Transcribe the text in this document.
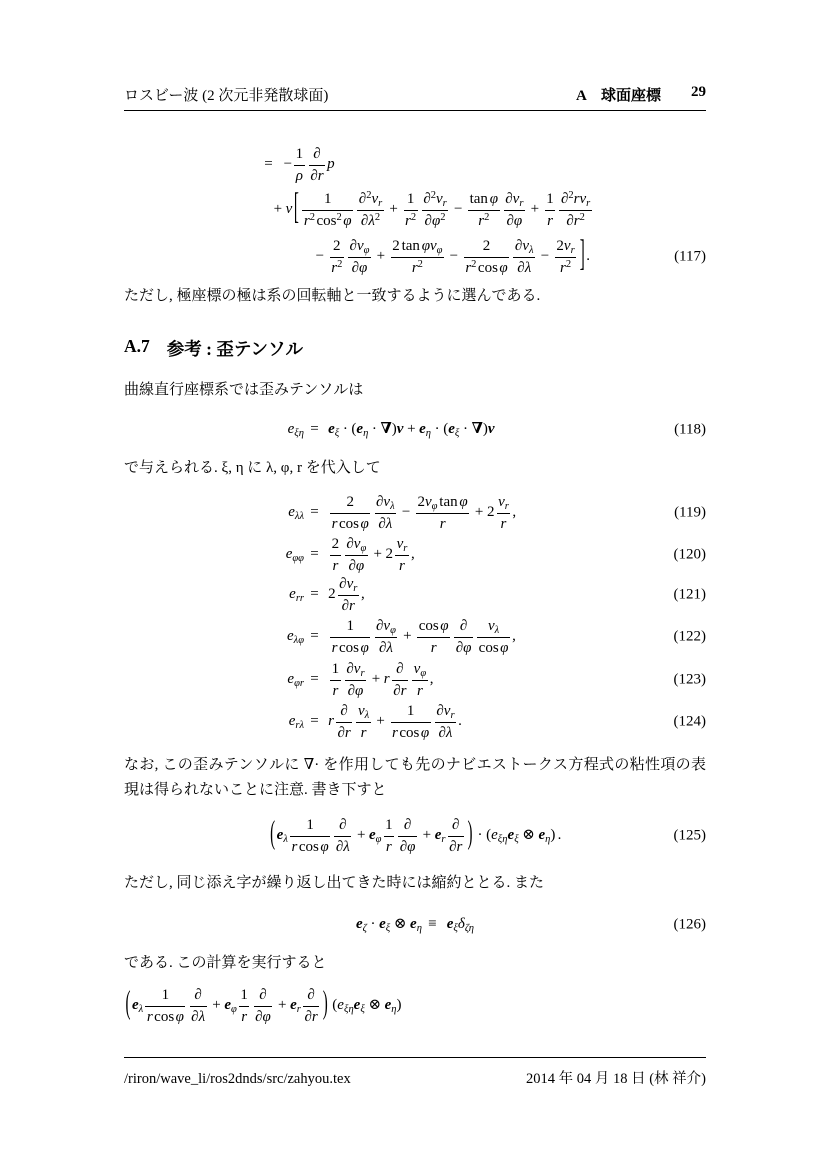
ロスビー波 (2 次元非発散球面)	A　球面座標 29
= − $\frac{1}{\rho} \frac{\partial}{\partial r}$ p
+ ν [ $\frac{1}{r^2 \cos^2 \varphi} \frac{\partial^2v_r}{\partial\lambda^2} + \frac{1}{r^2} \frac{\partial^2v_r}{\partial\varphi^2} - \frac{\text{tan φ}}{r^2} \frac{\partial v_r}{\partial\varphi} + \frac{1}{r} \frac{\partial^2rv_r}{\partial r^2}$
− $\frac{2}{r^2} \frac{\partial v_\varphi}{\partial\varphi} + \frac{2 \tan \varphi v_\varphi}{r^2} - \frac{2}{r^2 \cos \varphi} \frac{\partial v_\lambda}{\partial\lambda} - \frac{2v_r}{r^2}$ ] .	(117)
ただし, 極座標の極は系の回転軸と一致するように選んである.
A.7 参考 : 歪テンソル
曲線直行座標系では歪みテンソルは
$e_{\xi\eta} = e_\xi$ · ( $e_\eta$ · ∇ ) $v + e_\eta$ · ( $e_\xi$ · ∇ ) v	(118)
で与えられる. ξ, η に λ, φ, r を代入して
$e_{\lambda\lambda} = \frac{2}{\text{r cos φ}} \frac{\partial v_\lambda}{\partial\lambda} - \frac{2v_\varphi \tan \varphi}{r} + 2 \frac{v_r}{r}$ ,	(119)
$e_{\varphi\varphi} = \frac{2}{r} \frac{\partial v_\varphi}{\partial\varphi} + 2 \frac{v_r}{r}$ ,	(120)
$e_{rr} = 2 \frac{\partial v_r}{\partial r}$ ,	(121)
$e_{\lambda\varphi} = \frac{1}{\text{r cos φ}} \frac{\partial v_\varphi}{\partial\lambda} + \frac{\text{cos φ}}{r} \frac{\partial}{\partial\varphi} \frac{v_\lambda}{\text{cos φ}}$ ,	(122)
$e_{\varphi r} = \frac{1}{r} \frac{\partial v_r}{\partial\varphi} + r \frac{\partial}{\partial r} \frac{v_\varphi}{r}$ ,	(123)
$e_{r\lambda} = r \frac{\partial}{\partial r} \frac{v_\lambda}{r} + \frac{1}{\text{r cos φ}} \frac{\partial v_r}{\partial\lambda}$ .	(124)
なお, この歪みテンソルに ∇· を作用しても先のナビエストークス方程式の粘性項の表現は得られないことに注意. 書き下すと
( $e_\lambda \frac{1}{\text{r cos φ}} \frac{\partial}{\partial\lambda} + e_\varphi \frac{1}{r} \frac{\partial}{\partial\varphi} + e_r \frac{\partial}{\partial r}$ ) · ( $e_{\xi\eta}$ $e_\xi$ ⊗ $e_\eta$ ) .	(125)
ただし, 同じ添え字が繰り返し出てきた時には縮約ととる. また
$e_\zeta \cdot e_\xi$ ⊗ $e_\eta \equiv e_\xi$ $\delta_{\zeta\eta}$	(126)
である. この計算を実行すると
( $e_\lambda \frac{1}{\text{r cos φ}} \frac{\partial}{\partial\lambda} + e_\varphi \frac{1}{r} \frac{\partial}{\partial\varphi} + e_r \frac{\partial}{\partial r}$ ) ( $e_{\xi\eta}$ $e_\xi$ ⊗ $e_\eta$ )
/riron/wave_li/ros2dnds/src/zahyou.tex	2014 年 04 月 18 日 (林 祥介)
